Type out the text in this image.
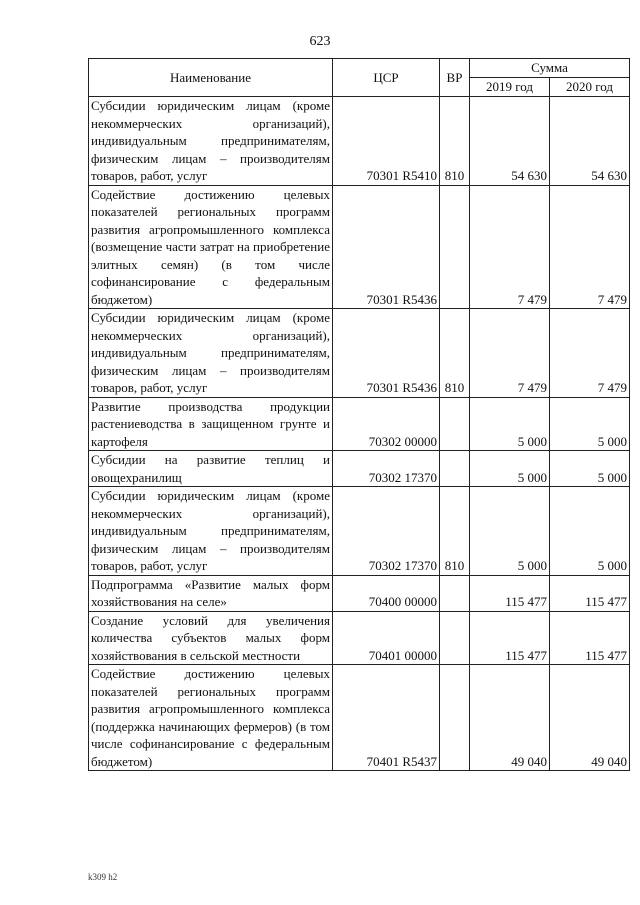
623
Наименование	ЦСР	ВР	Сумма	
			2019 год	2020 год
Субсидии юридическим лицам (кроме некоммерческих организаций), индивидуальным предпринимателям, физическим лицам – производителям товаров, работ, услуг	70301 R5410	810	54 630	54 630
Содействие достижению целевых показателей региональных программ развития агропромышленного комплекса (возмещение части затрат на приобретение элитных семян) (в том числе софинансирование с федеральным бюджетом)	70301 R5436		7 479	7 479
Субсидии юридическим лицам (кроме некоммерческих организаций), индивидуальным предпринимателям, физическим лицам – производителям товаров, работ, услуг	70301 R5436	810	7 479	7 479
Развитие производства продукции растениеводства в защищенном грунте и картофеля	70302 00000		5 000	5 000
Субсидии на развитие теплиц и овощехранилищ	70302 17370		5 000	5 000
Субсидии юридическим лицам (кроме некоммерческих организаций), индивидуальным предпринимателям, физическим лицам – производителям товаров, работ, услуг	70302 17370	810	5 000	5 000
Подпрограмма «Развитие малых форм хозяйствования на селе»	70400 00000		115 477	115 477
Создание условий для увеличения количества субъектов малых форм хозяйствования в сельской местности	70401 00000		115 477	115 477
Содействие достижению целевых показателей региональных программ развития агропромышленного комплекса (поддержка начинающих фермеров) (в том числе софинансирование с федеральным бюджетом)	70401 R5437		49 040	49 040
k309 h2
